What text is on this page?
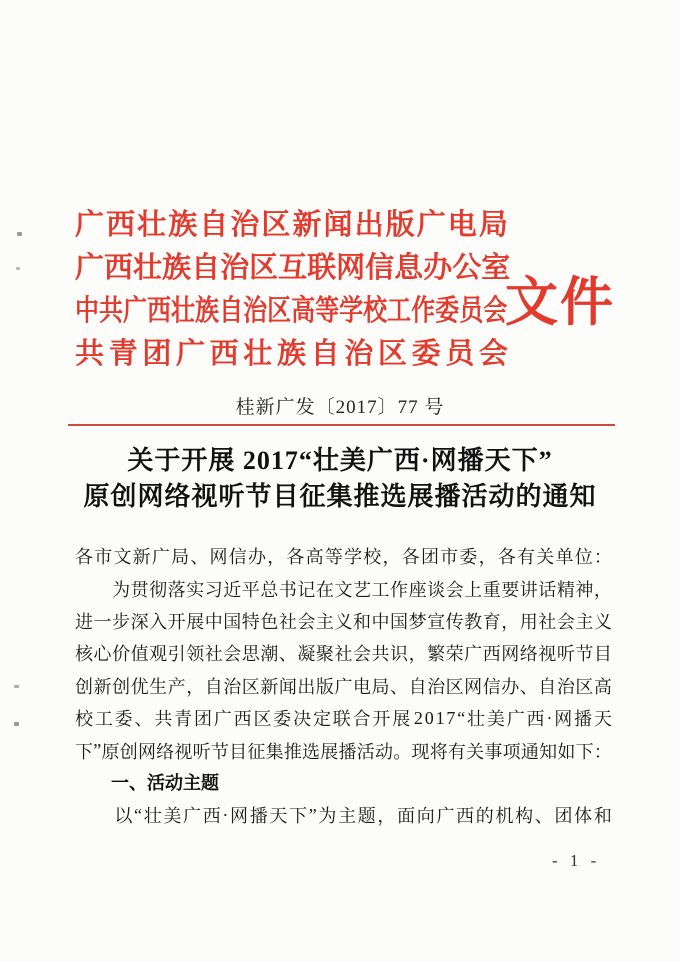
广 西 壮 族 自 治 区 新 闻 出 版 广 电 局
广 西 壮 族 自 治 区 互 联 网 信 息 办 公 室
中共广西壮族自治区高等学校工作委员会
共 青 团 广 西 壮 族 自 治 区 委 员 会
文件
桂新广发〔2017〕77 号
关于开展 2017“壮美广西·网播天下”
原创网络视听节目征集推选展播活动的通知
各 市 文 新 广 局 、 网 信 办 ， 各 高 等 学 校 ， 各 团 市 委 ， 各 有 关 单 位 ：

为 贯 彻 落 实 习 近 平 总 书 记 在 文 艺 工 作 座 谈 会 上 重 要 讲 话 精 神 ，
进 一 步 深 入 开 展 中 国 特 色 社 会 主 义 和 中 国 梦 宣 传 教 育 ， 用 社 会 主 义
核 心 价 值 观 引 领 社 会 思 潮 、 凝 聚 社 会 共 识 ， 繁 荣 广 西 网 络 视 听 节 目
创 新 创 优 生 产 ， 自 治 区 新 闻 出 版 广 电 局 、 自 治 区 网 信 办 、 自 治 区 高
校 工 委 、 共 青 团 广 西 区 委 决 定 联 合 开 展 2 0 1 7 “ 壮 美 广 西 · 网 播 天
下 ” 原 创 网 络 视 听 节 目 征 集 推 选 展 播 活 动 。 现 将 有 关 事 项 通 知 如 下 ：
　　一、活动主题

以 “ 壮 美 广 西 · 网 播 天 下 ” 为 主 题 ， 面 向 广 西 的 机 构 、 团 体 和
- 1 -
